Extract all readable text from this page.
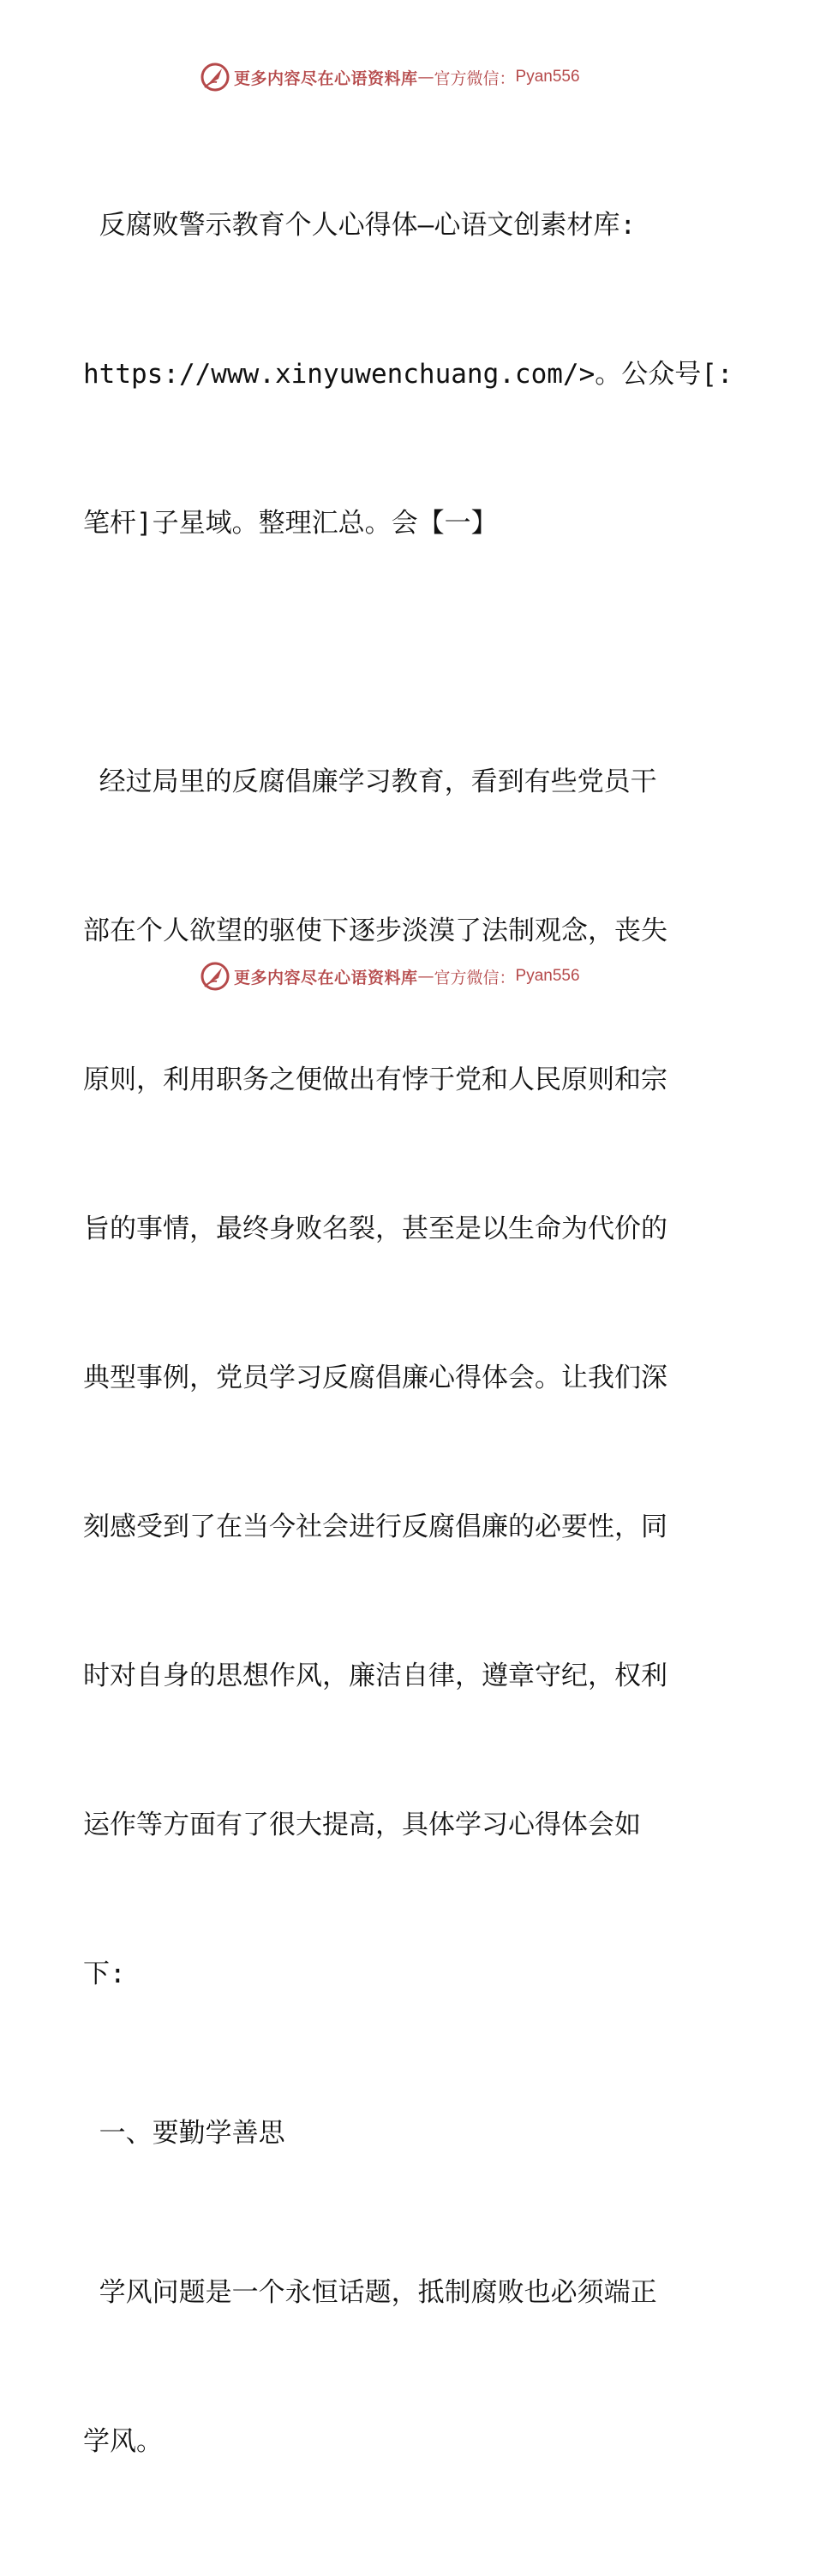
更多内容尽在心语资料库 — 官方微信： Pyan556

反腐败警示教育个人心得体—心语文创素材库:

https://www.xinyuwenchuang.com/>。公众号[:

笔杆]子星域。整理汇总。会【一】

经过局里的反腐倡廉学习教育，看到有些党员干

部在个人欲望的驱使下逐步淡漠了法制观念，丧失

原则，利用职务之便做出有悖于党和人民原则和宗

旨的事情，最终身败名裂，甚至是以生命为代价的

典型事例，党员学习反腐倡廉心得体会。让我们深

刻感受到了在当今社会进行反腐倡廉的必要性，同

时对自身的思想作风，廉洁自律，遵章守纪，权利

运作等方面有了很大提高，具体学习心得体会如

下:

一、要勤学善思

学风问题是一个永恒话题，抵制腐败也必须端正

学风。

更多内容尽在心语资料库 — 官方微信： Pyan556
